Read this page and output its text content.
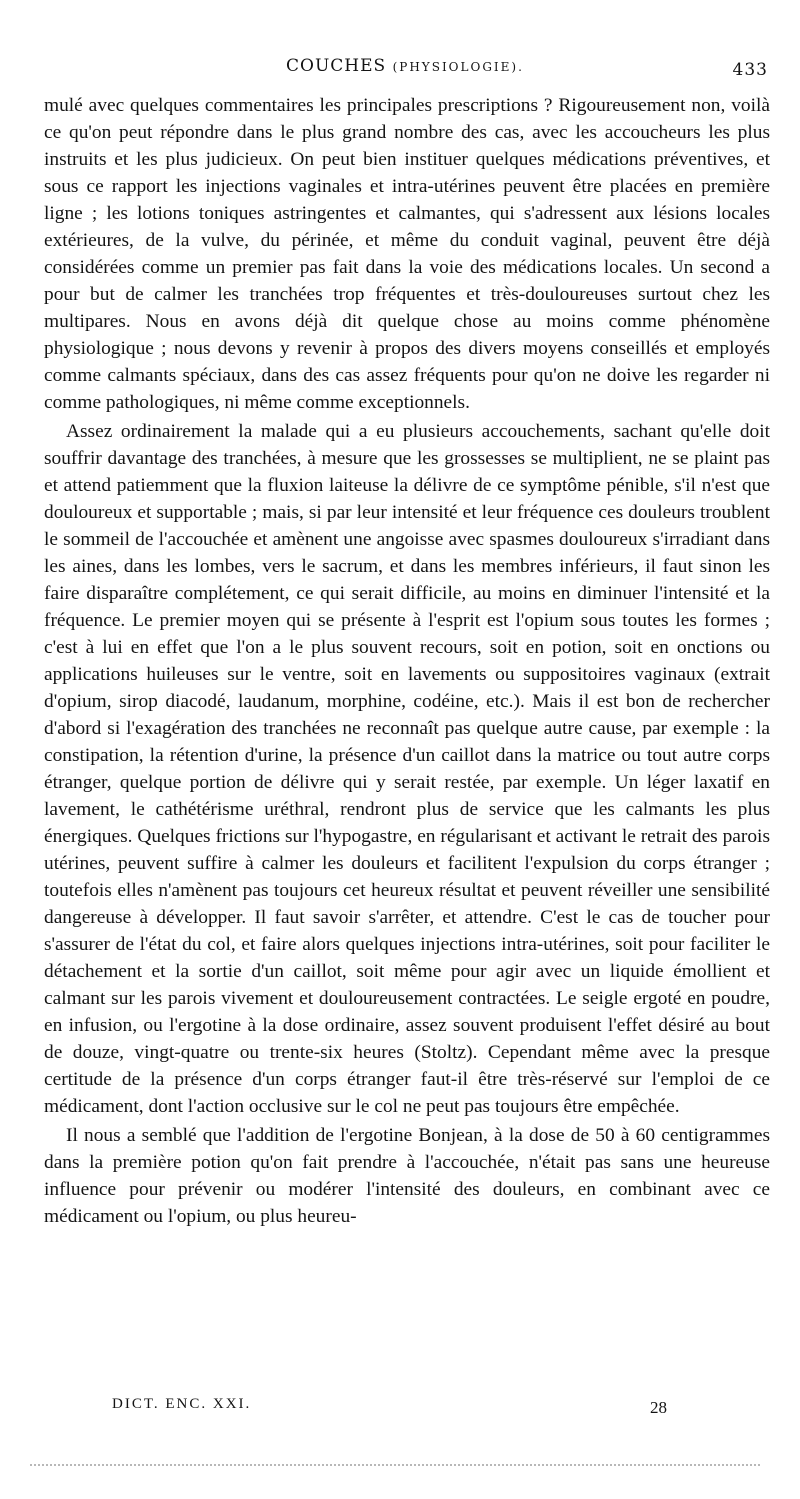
COUCHES (PHYSIOLOGIE).	433

mulé avec quelques commentaires les principales prescriptions ? Rigoureusement non, voilà ce qu'on peut répondre dans le plus grand nombre des cas, avec les accoucheurs les plus instruits et les plus judicieux. On peut bien instituer quelques médications préventives, et sous ce rapport les injections vaginales et intra-utérines peuvent être placées en première ligne ; les lotions toniques astringentes et calmantes, qui s'adressent aux lésions locales extérieures, de la vulve, du périnée, et même du conduit vaginal, peuvent être déjà considérées comme un premier pas fait dans la voie des médications locales. Un second a pour but de calmer les tranchées trop fréquentes et très-douloureuses surtout chez les multipares. Nous en avons déjà dit quelque chose au moins comme phénomène physiologique ; nous devons y revenir à propos des divers moyens conseillés et employés comme calmants spéciaux, dans des cas assez fréquents pour qu'on ne doive les regarder ni comme pathologiques, ni même comme exceptionnels.

Assez ordinairement la malade qui a eu plusieurs accouchements, sachant qu'elle doit souffrir davantage des tranchées, à mesure que les grossesses se multiplient, ne se plaint pas et attend patiemment que la fluxion laiteuse la délivre de ce symptôme pénible, s'il n'est que douloureux et supportable ; mais, si par leur intensité et leur fréquence ces douleurs troublent le sommeil de l'accouchée et amènent une angoisse avec spasmes douloureux s'irradiant dans les aines, dans les lombes, vers le sacrum, et dans les membres inférieurs, il faut sinon les faire disparaître complétement, ce qui serait difficile, au moins en diminuer l'intensité et la fréquence. Le premier moyen qui se présente à l'esprit est l'opium sous toutes les formes ; c'est à lui en effet que l'on a le plus souvent recours, soit en potion, soit en onctions ou applications huileuses sur le ventre, soit en lavements ou suppositoires vaginaux (extrait d'opium, sirop diacodé, laudanum, morphine, codéine, etc.). Mais il est bon de rechercher d'abord si l'exagération des tranchées ne reconnaît pas quelque autre cause, par exemple : la constipation, la rétention d'urine, la présence d'un caillot dans la matrice ou tout autre corps étranger, quelque portion de délivre qui y serait restée, par exemple. Un léger laxatif en lavement, le cathétérisme uréthral, rendront plus de service que les calmants les plus énergiques. Quelques frictions sur l'hypogastre, en régularisant et activant le retrait des parois utérines, peuvent suffire à calmer les douleurs et facilitent l'expulsion du corps étranger ; toutefois elles n'amènent pas toujours cet heureux résultat et peuvent réveiller une sensibilité dangereuse à développer. Il faut savoir s'arrêter, et attendre. C'est le cas de toucher pour s'assurer de l'état du col, et faire alors quelques injections intra-utérines, soit pour faciliter le détachement et la sortie d'un caillot, soit même pour agir avec un liquide émollient et calmant sur les parois vivement et douloureusement contractées. Le seigle ergoté en poudre, en infusion, ou l'ergotine à la dose ordinaire, assez souvent produisent l'effet désiré au bout de douze, vingt-quatre ou trente-six heures (Stoltz). Cependant même avec la presque certitude de la présence d'un corps étranger faut-il être très-réservé sur l'emploi de ce médicament, dont l'action occlusive sur le col ne peut pas toujours être empêchée.

Il nous a semblé que l'addition de l'ergotine Bonjean, à la dose de 50 à 60 centigrammes dans la première potion qu'on fait prendre à l'accouchée, n'était pas sans une heureuse influence pour prévenir ou modérer l'intensité des douleurs, en combinant avec ce médicament ou l'opium, ou plus heureu-

DICT. ENC. XXI.	28
